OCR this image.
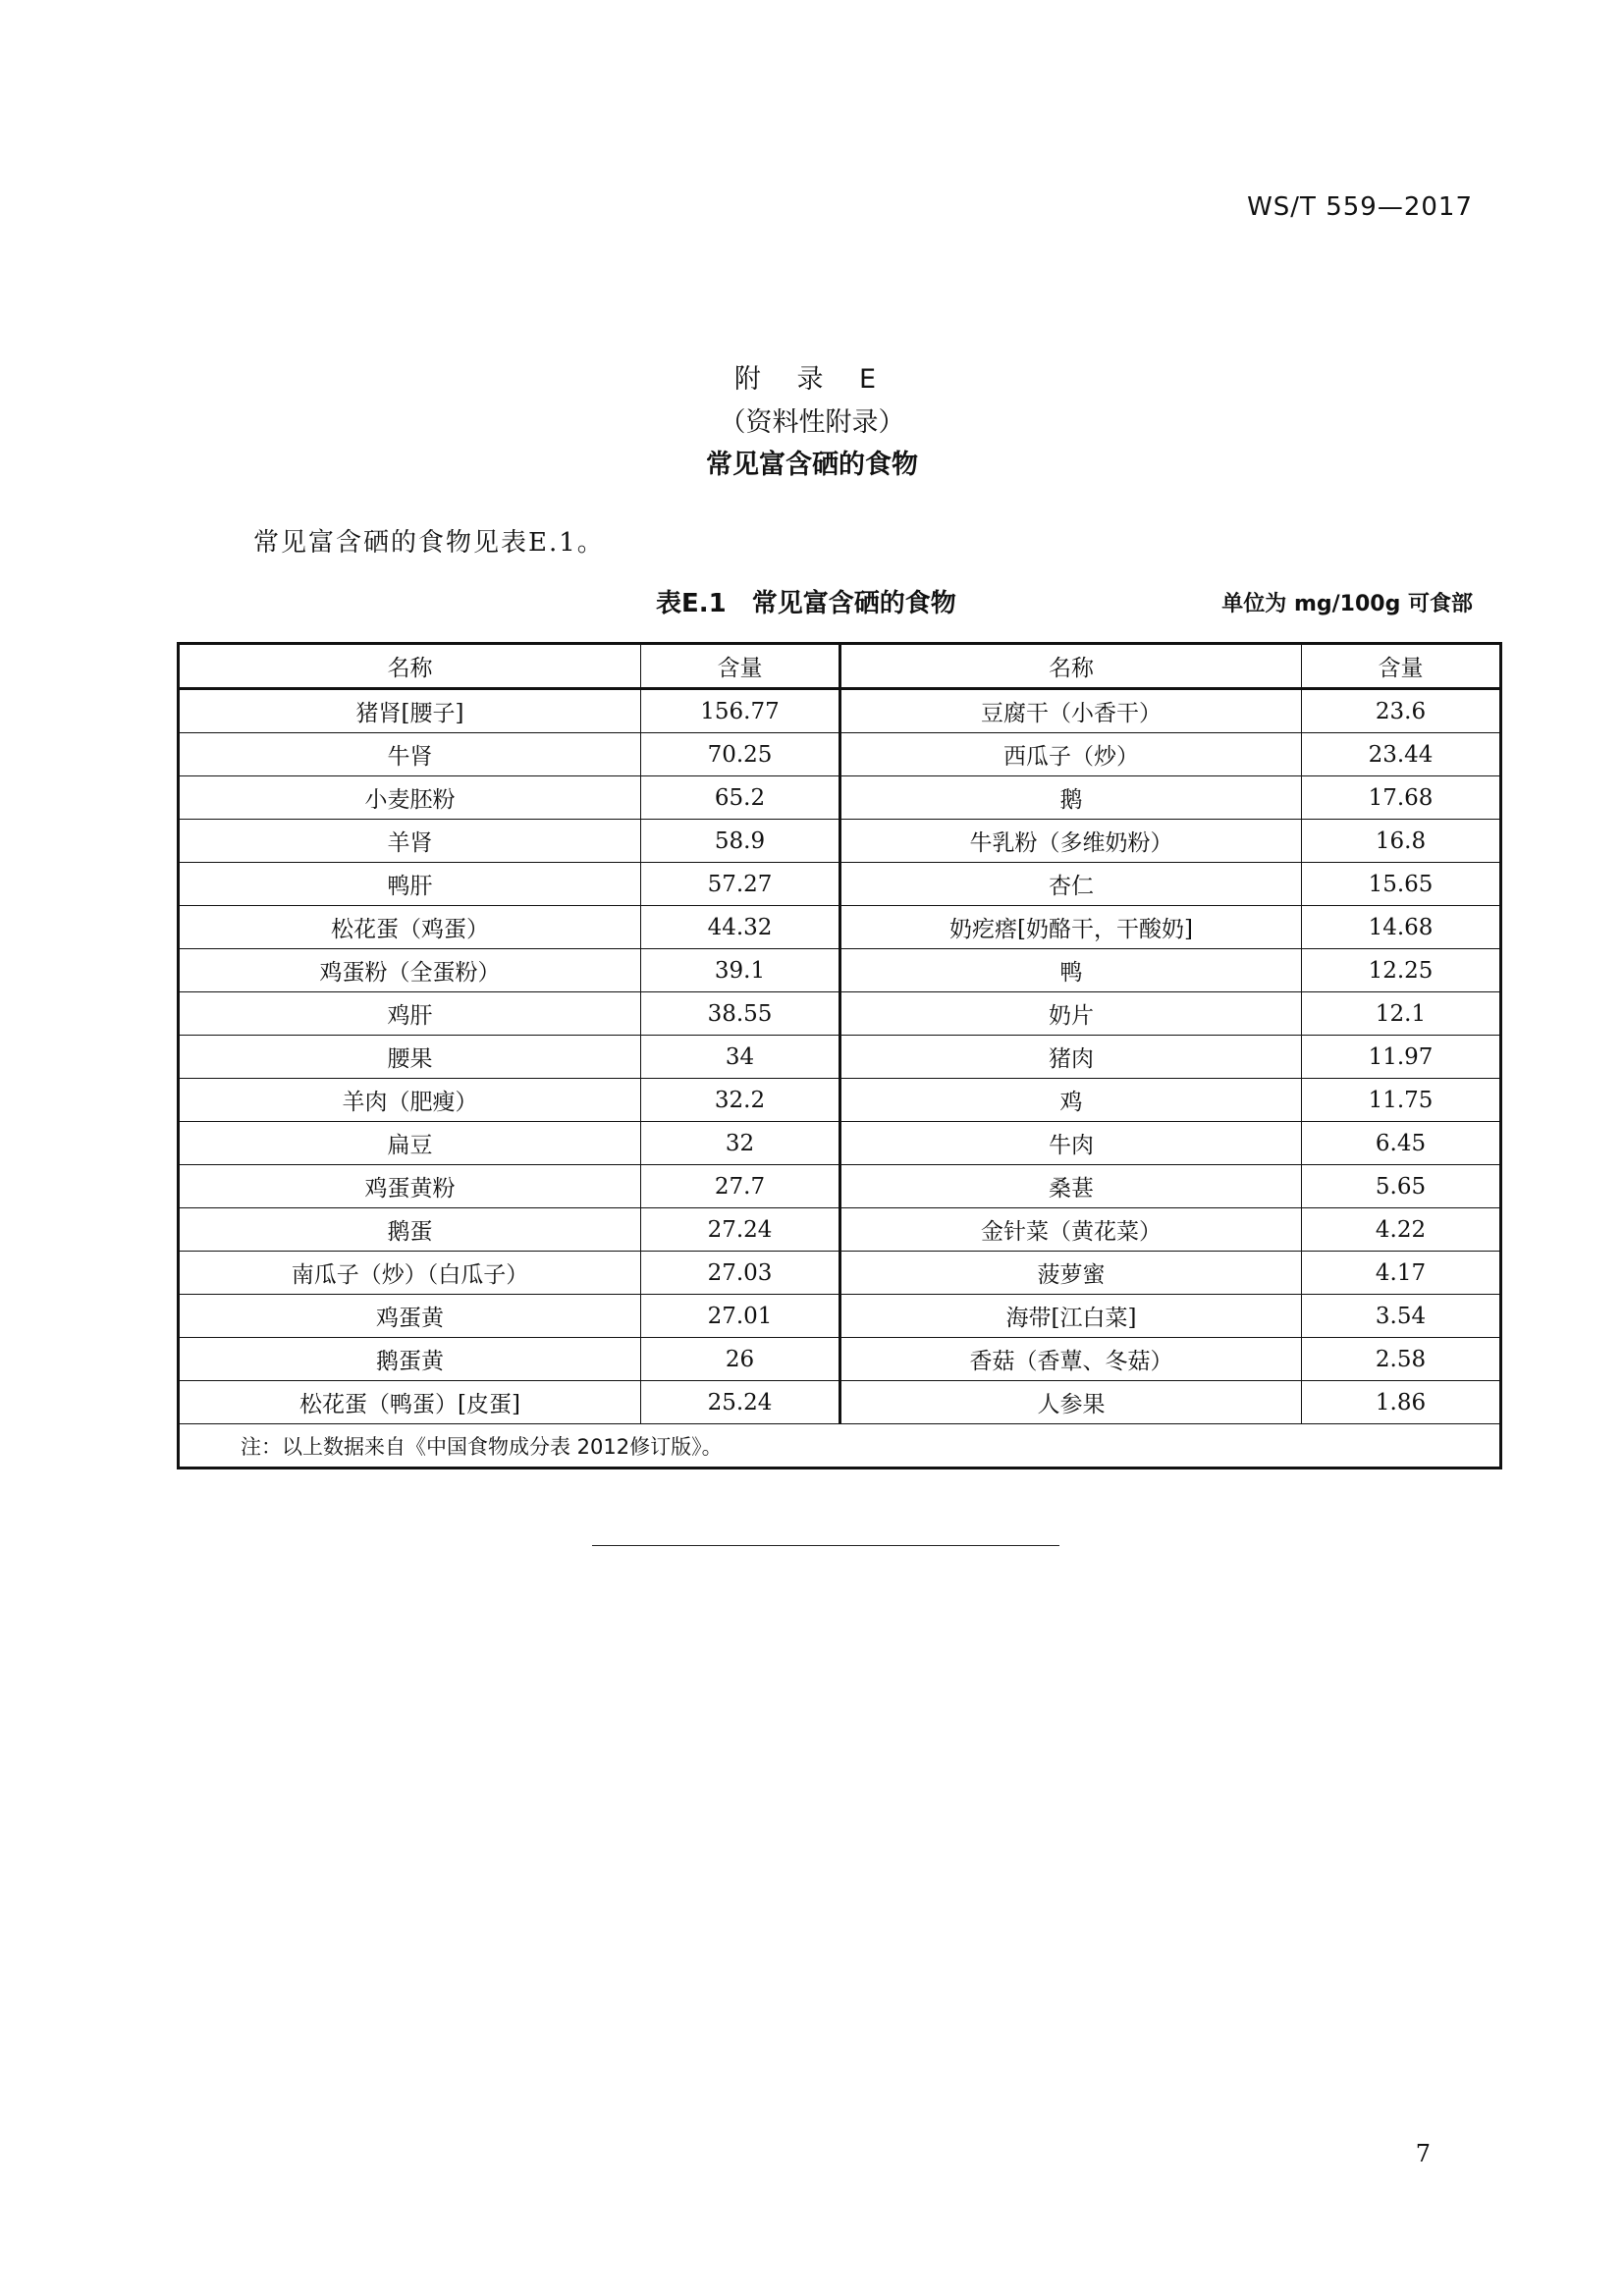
WS/T 559—2017
附 录 E
（资料性附录）
常见富含硒的食物
常见富含硒的食物见表E.1。
表E.1 常见富含硒的食物	单位为 mg/100g 可食部
名称	含量	名称	含量
猪肾[腰子]	156.77	豆腐干（小香干）	23.6
牛肾	70.25	西瓜子（炒）	23.44
小麦胚粉	65.2	鹅	17.68
羊肾	58.9	牛乳粉（多维奶粉）	16.8
鸭肝	57.27	杏仁	15.65
松花蛋（鸡蛋）	44.32	奶疙瘩[奶酪干，干酸奶]	14.68
鸡蛋粉（全蛋粉）	39.1	鸭	12.25
鸡肝	38.55	奶片	12.1
腰果	34	猪肉	11.97
羊肉（肥瘦）	32.2	鸡	11.75
扁豆	32	牛肉	6.45
鸡蛋黄粉	27.7	桑葚	5.65
鹅蛋	27.24	金针菜（黄花菜）	4.22
南瓜子（炒）（白瓜子）	27.03	菠萝蜜	4.17
鸡蛋黄	27.01	海带[江白菜]	3.54
鹅蛋黄	26	香菇（香蕈、冬菇）	2.58
松花蛋（鸭蛋）[皮蛋]	25.24	人参果	1.86
注：以上数据来自《中国食物成分表 2012修订版》。			
7
